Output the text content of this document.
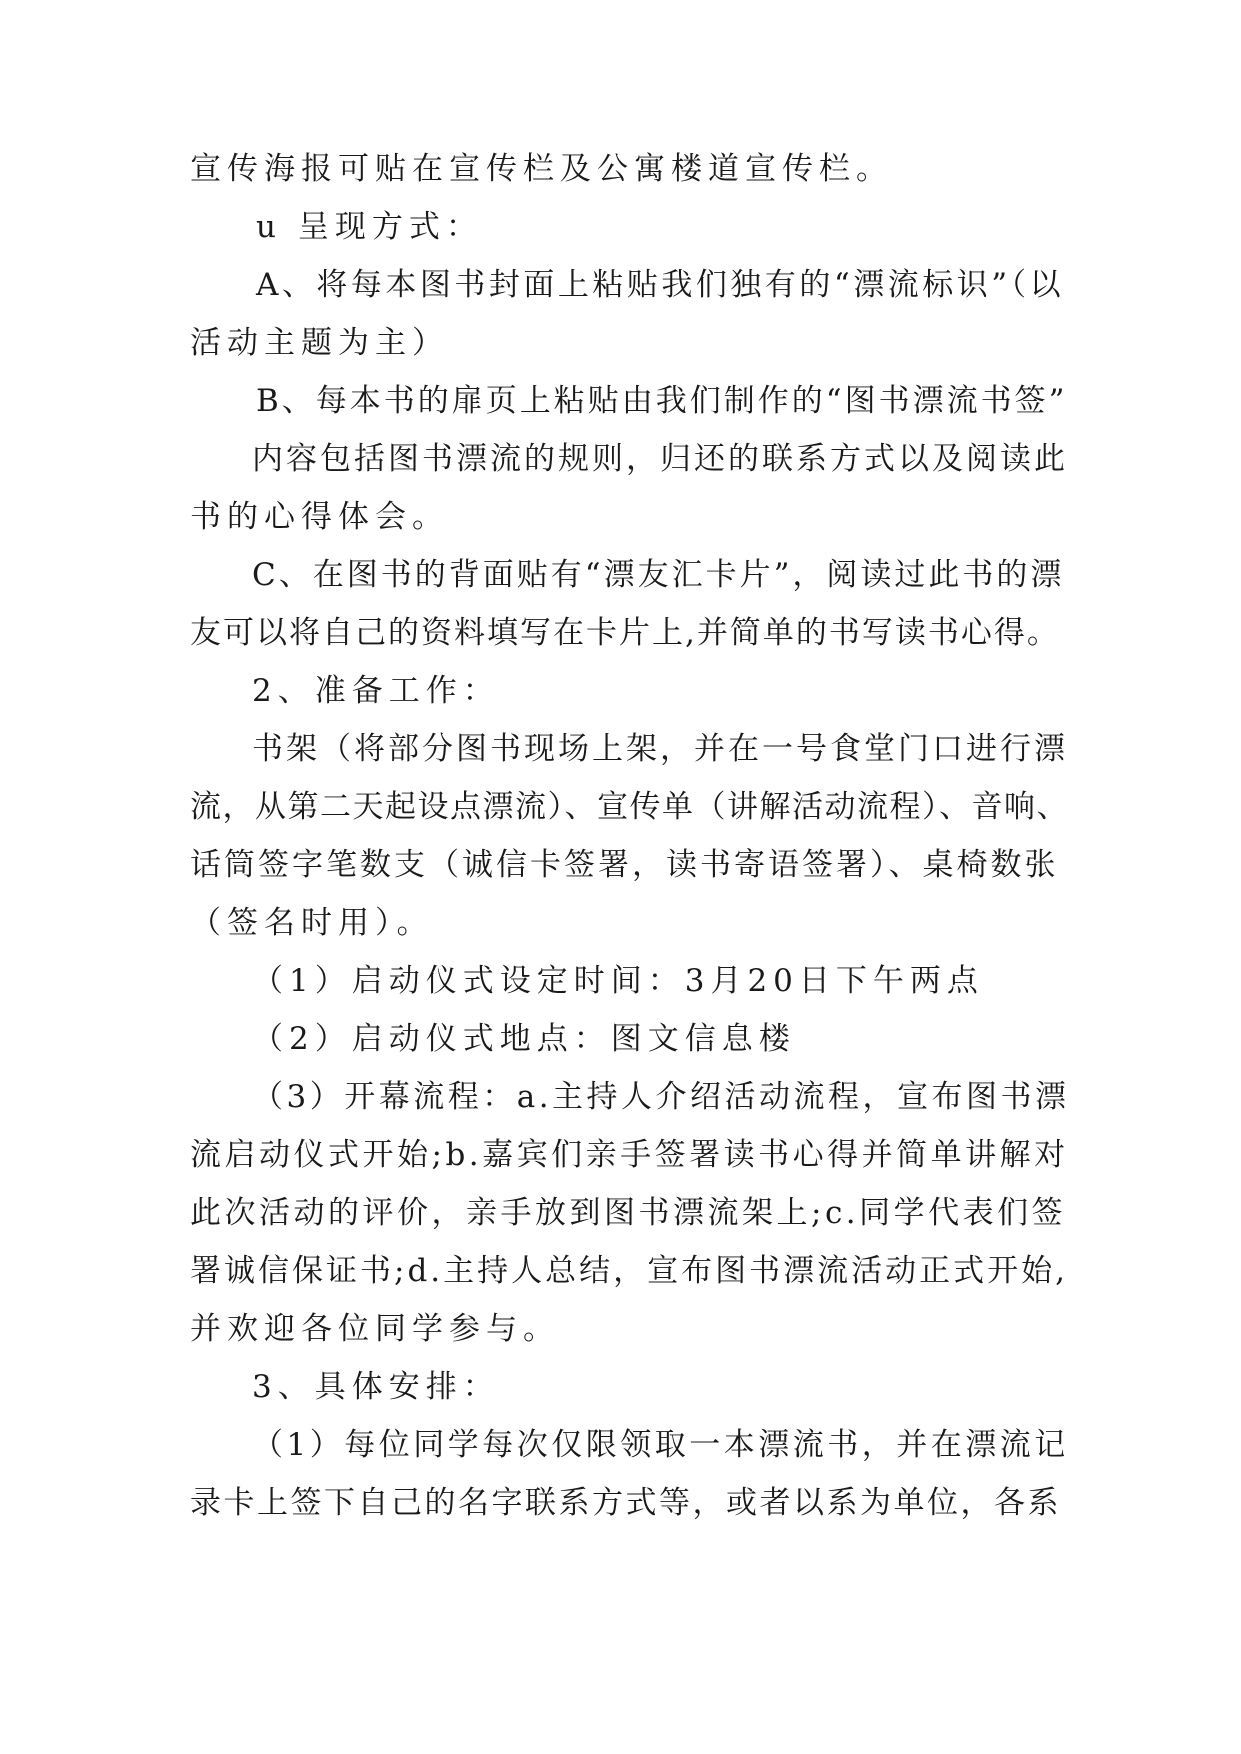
宣传海报可贴在宣传栏及公寓楼道宣传栏。
u 呈现方式：
A、将每本图书封面上粘贴我们独有的“漂流标识”（以
活动主题为主）
B、每本书的扉页上粘贴由我们制作的“图书漂流书签”
内容包括图书漂流的规则，归还的联系方式以及阅读此
书的心得体会。
C、在图书的背面贴有“漂友汇卡片”，阅读过此书的漂
友可以将自己的资料填写在卡片上,并简单的书写读书心得。
2、准备工作：
书架（将部分图书现场上架，并在一号食堂门口进行漂
流，从第二天起设点漂流）、宣传单（讲解活动流程）、音响、
话筒签字笔数支（诚信卡签署，读书寄语签署）、桌椅数张
（签名时用）。
（1）启动仪式设定时间：3月20日下午两点
（2）启动仪式地点：图文信息楼
（3）开幕流程：a.主持人介绍活动流程，宣布图书漂
流启动仪式开始;b.嘉宾们亲手签署读书心得并简单讲解对
此次活动的评价，亲手放到图书漂流架上;c.同学代表们签
署诚信保证书;d.主持人总结，宣布图书漂流活动正式开始,
并欢迎各位同学参与。
3、具体安排：
（1）每位同学每次仅限领取一本漂流书，并在漂流记
录卡上签下自己的名字联系方式等，或者以系为单位，各系
